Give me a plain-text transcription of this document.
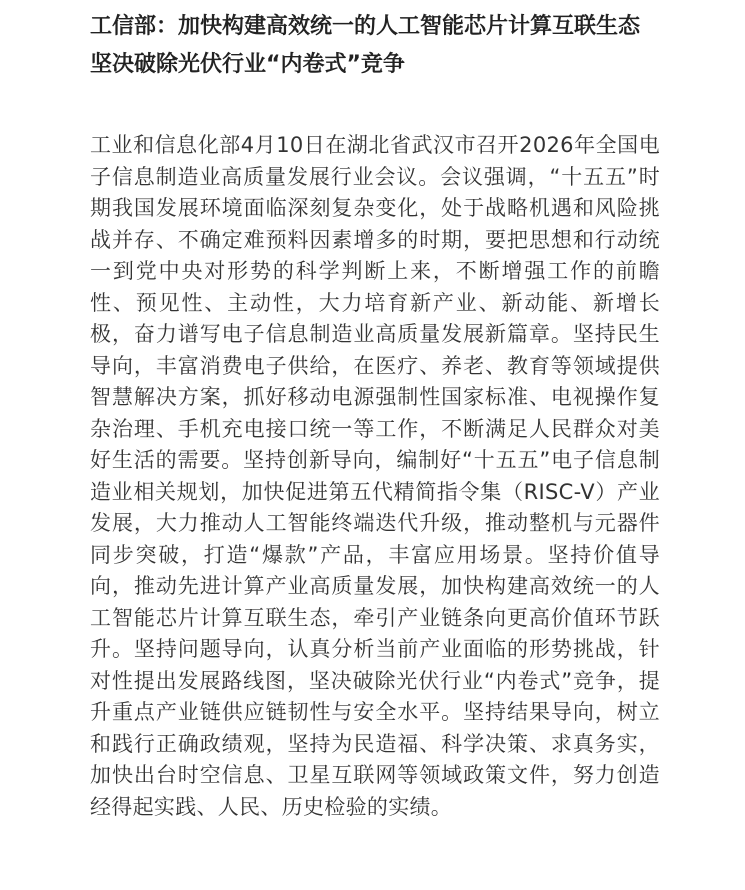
工信部：加快构建高效统一的人工智能芯片计算互联生态 坚决破除光伏行业“内卷式”竞争

工业和信息化部4月10日在湖北省武汉市召开2026年全国电子信息制造业高质量发展行业会议。会议强调，“十五五”时期我国发展环境面临深刻复杂变化，处于战略机遇和风险挑战并存、不确定难预料因素增多的时期，要把思想和行动统一到党中央对形势的科学判断上来，不断增强工作的前瞻性、预见性、主动性，大力培育新产业、新动能、新增长极，奋力谱写电子信息制造业高质量发展新篇章。坚持民生导向，丰富消费电子供给，在医疗、养老、教育等领域提供智慧解决方案，抓好移动电源强制性国家标准、电视操作复杂治理、手机充电接口统一等工作，不断满足人民群众对美好生活的需要。坚持创新导向，编制好“十五五”电子信息制造业相关规划，加快促进第五代精简指令集（RISC-V）产业发展，大力推动人工智能终端迭代升级，推动整机与元器件同步突破，打造“爆款”产品，丰富应用场景。坚持价值导向，推动先进计算产业高质量发展，加快构建高效统一的人工智能芯片计算互联生态，牵引产业链条向更高价值环节跃升。坚持问题导向，认真分析当前产业面临的形势挑战，针对性提出发展路线图，坚决破除光伏行业“内卷式”竞争，提升重点产业链供应链韧性与安全水平。坚持结果导向，树立和践行正确政绩观，坚持为民造福、科学决策、求真务实，加快出台时空信息、卫星互联网等领域政策文件，努力创造经得起实践、人民、历史检验的实绩。
